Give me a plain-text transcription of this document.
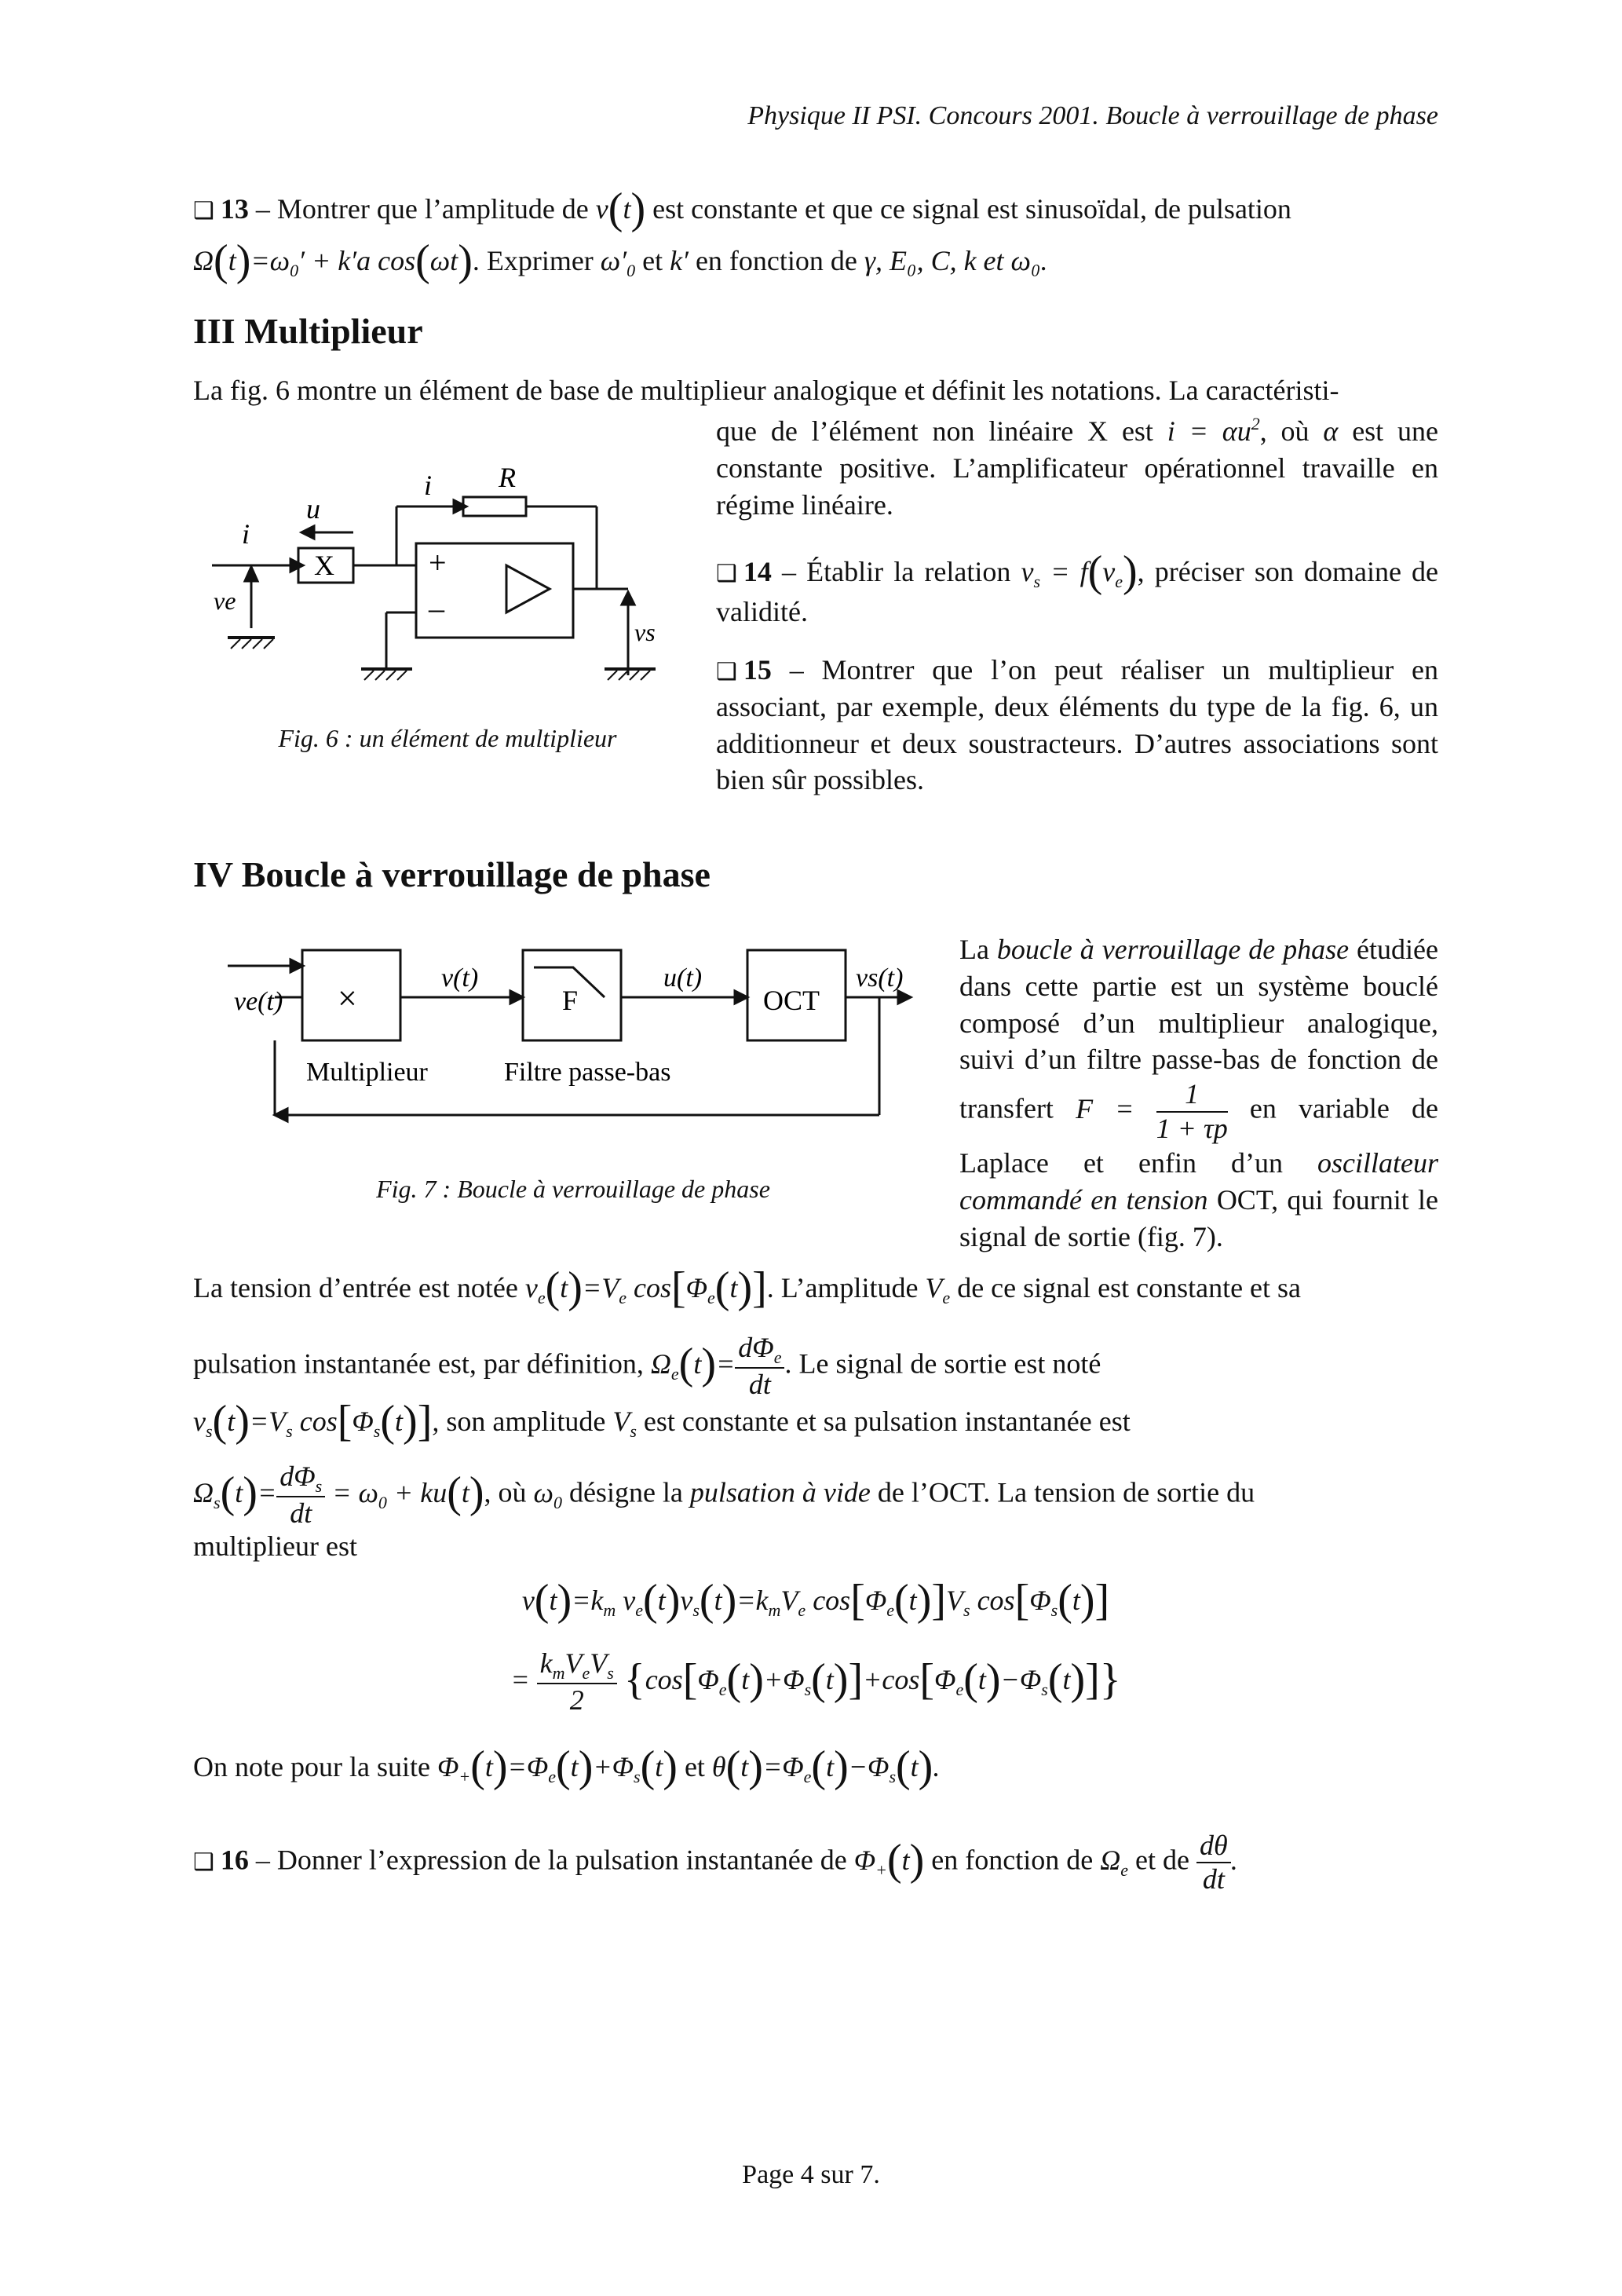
Physique II PSI. Concours 2001. Boucle à verrouillage de phase
❑ 13 – Montrer que l’amplitude de v(t) est constante et que ce signal est sinusoïdal, de pulsation
$\Omega(t)=\omega_0' + k'a$ cos(ωt). Exprimer $\omega'_0$ et k′ en fonction de γ, E₀, C, k et ω₀.
III Multiplieur
La fig. 6 montre un élément de base de multiplieur analogique et définit les notations. La caractéristi-
que de l’élément non linéaire X est $i = \alpha u^2$, où α est une constante positive. L’amplificateur opérationnel travaille en régime linéaire.
❑ 14 – Établir la relation $v_s = f(v_e)$, préciser son domaine de validité.
❑ 15 – Montrer que l’on peut réaliser un multiplieur en associant, par exemple, deux éléments du type de la fig. 6, un additionneur et deux soustracteurs. D’autres associations sont bien sûr possibles.
i
u
i R
X
ve
vs
+
–
Fig. 6 : un élément de multiplieur
IV Boucle à verrouillage de phase
ve(t) ×
v(t)
F
u(t)
OCT
vs(t)
Multiplieur	Filtre passe-bas
Fig. 7 : Boucle à verrouillage de phase
La boucle à verrouillage de phase étudiée dans cette partie est un système bouclé composé d’un multiplieur analogique, suivi d’un filtre passe-bas de fonction de transfert $F = \frac{1}{1 + \tau p}$ en variable de Laplace et enfin d’un oscillateur commandé en tension OCT, qui fournit le signal de sortie (fig. 7).
La tension d’entrée est notée $v_e(t)=V_e$ $\cos[\Phi_e(t)]$. L’amplitude $V_e$ de ce signal est constante et sa
pulsation instantanée est, par définition, $\Omega_e(t)= \frac{d\Phi_e}{dt}$ . Le signal de sortie est noté
$v_s(t)=V_s$ $\cos[\Phi_s(t)]$, son amplitude $V_s$ est constante et sa pulsation instantanée est
$\Omega_s(t)= \frac{d\Phi_s}{dt} = \omega_0 + ku(t)$, où $\omega_0$ désigne la pulsation à vide de l’OCT. La tension de sortie du
multiplieur est
$v(t)=k_m$ $v_e(t)v_s(t)=k_mV_e$ $\cos[\Phi_e(t)]V_s$ $\cos[\Phi_s(t)]$
= $\frac{k_mV_eV_s}{2} \{\cos[\Phi_e(t)+\Phi_s(t)]+\cos[\Phi_e(t)-\Phi_s(t)]\}$
On note pour la suite $\Phi_+(t)=\Phi_e(t)+\Phi_s(t)$ et $\theta(t)=\Phi_e(t)-\Phi_s(t)$.
❑ 16 – Donner l’expression de la pulsation instantanée de $\Phi_+(t)$ en fonction de $\Omega_e$ et de $\frac{d\theta}{dt}$ .
Page 4 sur 7.
